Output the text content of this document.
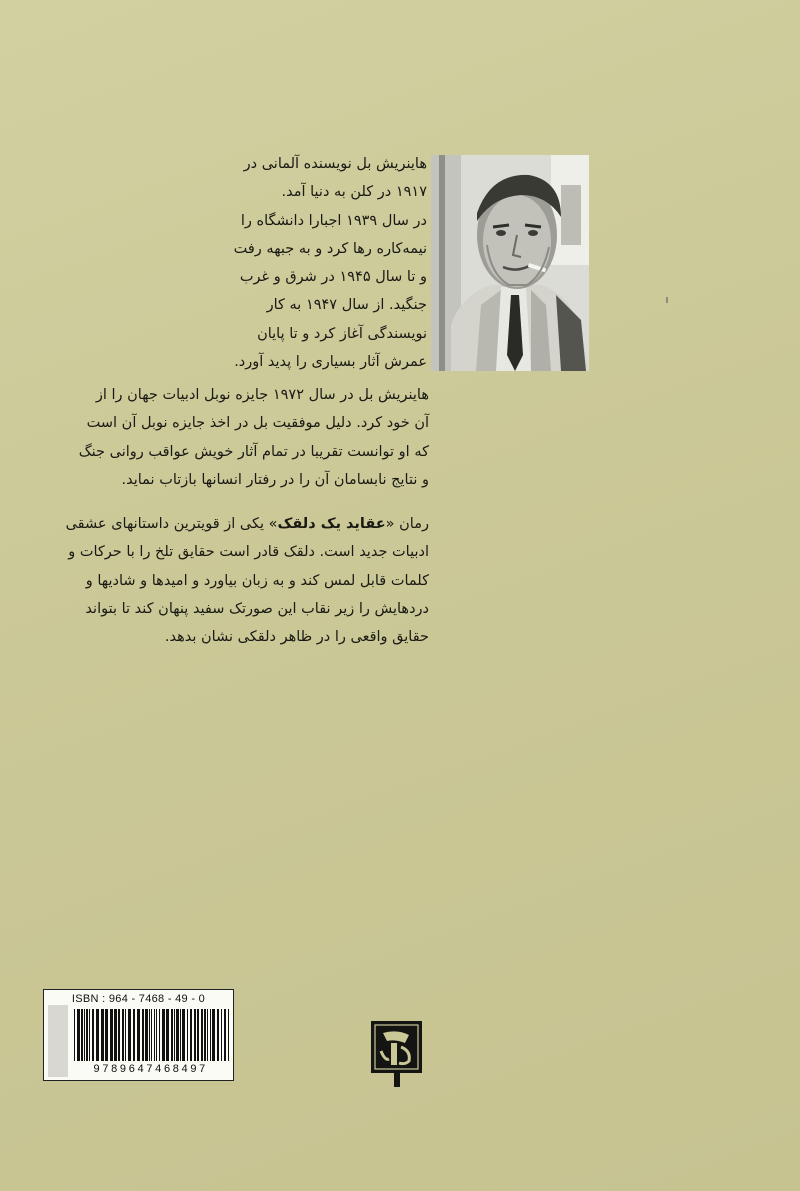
هاینریش بل نویسنده آلمانی در

۱۹۱۷ در کلن به دنیا آمد.

در سال ۱۹۳۹ اجبارا دانشگاه را

نیمه‌کاره رها کرد و به جبهه رفت

و تا سال ۱۹۴۵ در شرق و غرب

جنگید. از سال ۱۹۴۷ به کار

نویسندگی آغاز کرد و تا پایان

عمرش آثار بسیاری را پدید آورد.

هاینریش بل در سال ۱۹۷۲ جایزه نوبل ادبیات جهان را از

آن خود کرد. دلیل موفقیت بل در اخذ جایزه نوبل آن است

که او توانست تقریبا در تمام آثار خویش عواقب روانی جنگ

و نتایج نابسامان آن را در رفتار انسانها بازتاب نماید.

رمان «عقاید یک دلقک» یکی از قویترین داستانهای عشقی

ادبیات جدید است. دلقک قادر است حقایق تلخ را با حرکات و

کلمات قابل لمس کند و به زبان بیاورد و امیدها و شادیها و

دردهایش را زیر نقاب این صورتک سفید پنهان کند تا بتواند

حقایق واقعی را در ظاهر دلقکی نشان بدهد.

ISBN : 964 - 7468 - 49 - 0
9789647468497
